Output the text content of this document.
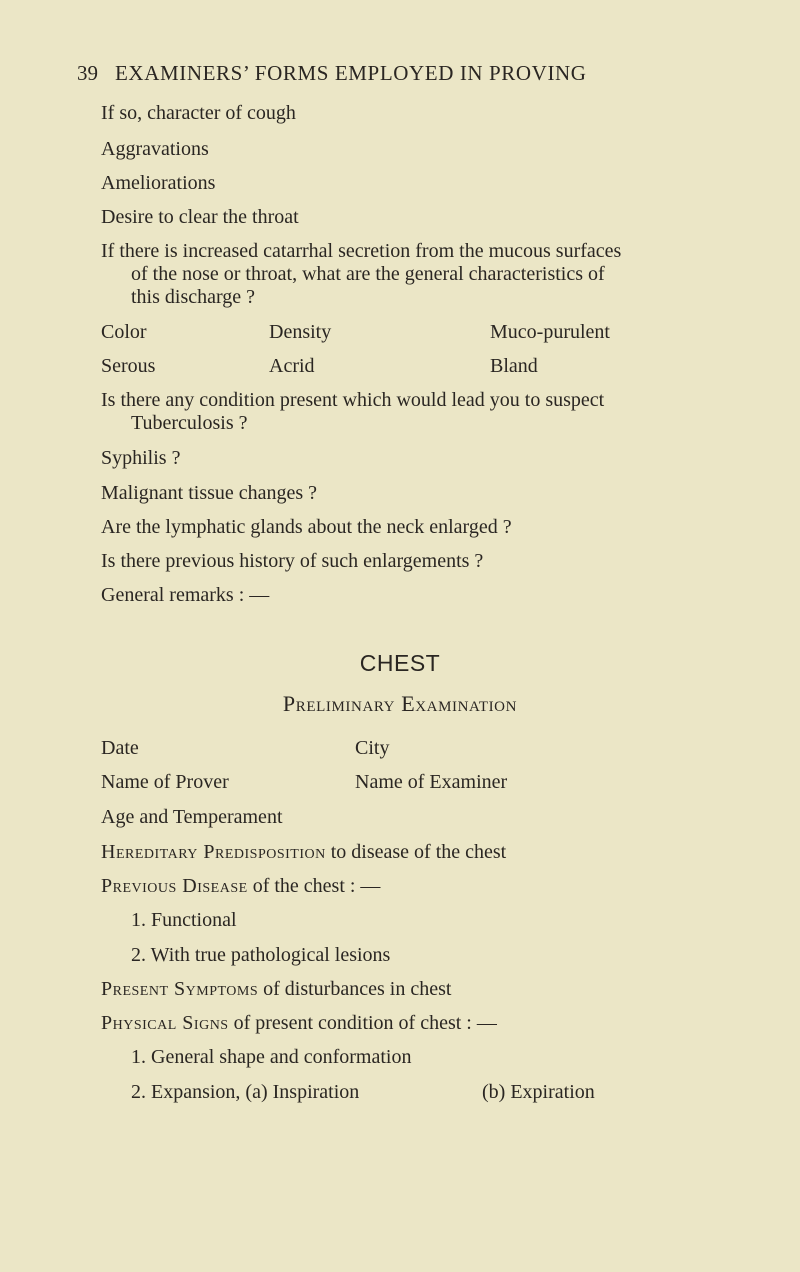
39 EXAMINERS’ FORMS EMPLOYED IN PROVING
If so, character of cough
Aggravations
Ameliorations
Desire to clear the throat
If there is increased catarrhal secretion from the mucous surfaces
of the nose or throat, what are the general characteristics of
this discharge ?
Color	Density	Muco-purulent
Serous	Acrid	Bland
Is there any condition present which would lead you to suspect
Tuberculosis ?
Syphilis ?
Malignant tissue changes ?
Are the lymphatic glands about the neck enlarged ?
Is there previous history of such enlargements ?
General remarks : —
CHEST
Preliminary Examination
Date	City
Name of Prover	Name of Examiner
Age and Temperament
Hereditary Predisposition to disease of the chest
Previous Disease of the chest : —
1. Functional
2. With true pathological lesions
Present Symptoms of disturbances in chest
Physical Signs of present condition of chest : —
1. General shape and conformation
2. Expansion, (a) Inspiration	(b) Expiration
